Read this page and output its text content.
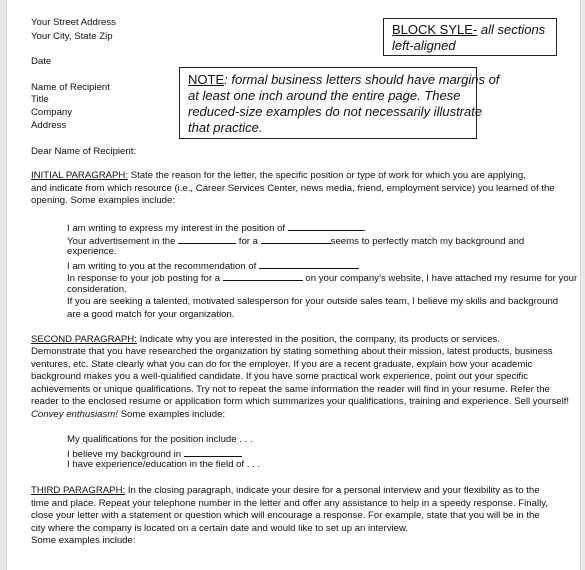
Your Street Address
Your City, State Zip
Date
Name of Recipient
Title
Company
Address
BLOCK SYLE- all sections
left-aligned
NOTE: formal business letters should have margins of
at least one inch around the entire page. These
reduced-size examples do not necessarily illustrate
that practice.
Dear Name of Recipient:
INITIAL PARAGRAPH: State the reason for the letter, the specific position or type of work for which you are applying,
and indicate from which resource (i.e., Career Services Center, news media, friend, employment service) you learned of the
opening. Some examples include:
I am writing to express my interest in the position of	.
Your advertisement in the	for a	seems to perfectly match my background and
experience.
I am writing to you at the recommendation of
In response to your job posting for a	on your company’s website, I have attached my resume for your
consideration.
If you are seeking a talented, motivated salesperson for your outside sales team, I believe my skills and background
are a good match for your organization.
SECOND PARAGRAPH: Indicate why you are interested in the position, the company, its products or services.
Demonstrate that you have researched the organization by stating something about their mission, latest products, business
ventures, etc. State clearly what you can do for the employer. If you are a recent graduate, explain how your academic
background makes you a well-qualified candidate. If you have some practical work experience, point out your specific
achievements or unique qualifications. Try not to repeat the same information the reader will find in your resume. Refer the
reader to the enclosed resume or application form which summarizes your qualifications, training and experience. Sell yourself!
Convey enthusiasm! Some examples include:
My qualifications for the position include . . .
I believe my background in
I have experience/education in the field of . . .
THIRD PARAGRAPH: In the closing paragraph, indicate your desire for a personal interview and your flexibility as to the
time and place. Repeat your telephone number in the letter and offer any assistance to help in a speedy response. Finally,
close your letter with a statement or question which will encourage a response. For example, state that you will be in the
city where the company is located on a certain date and would like to set up an interview.
Some examples include:
